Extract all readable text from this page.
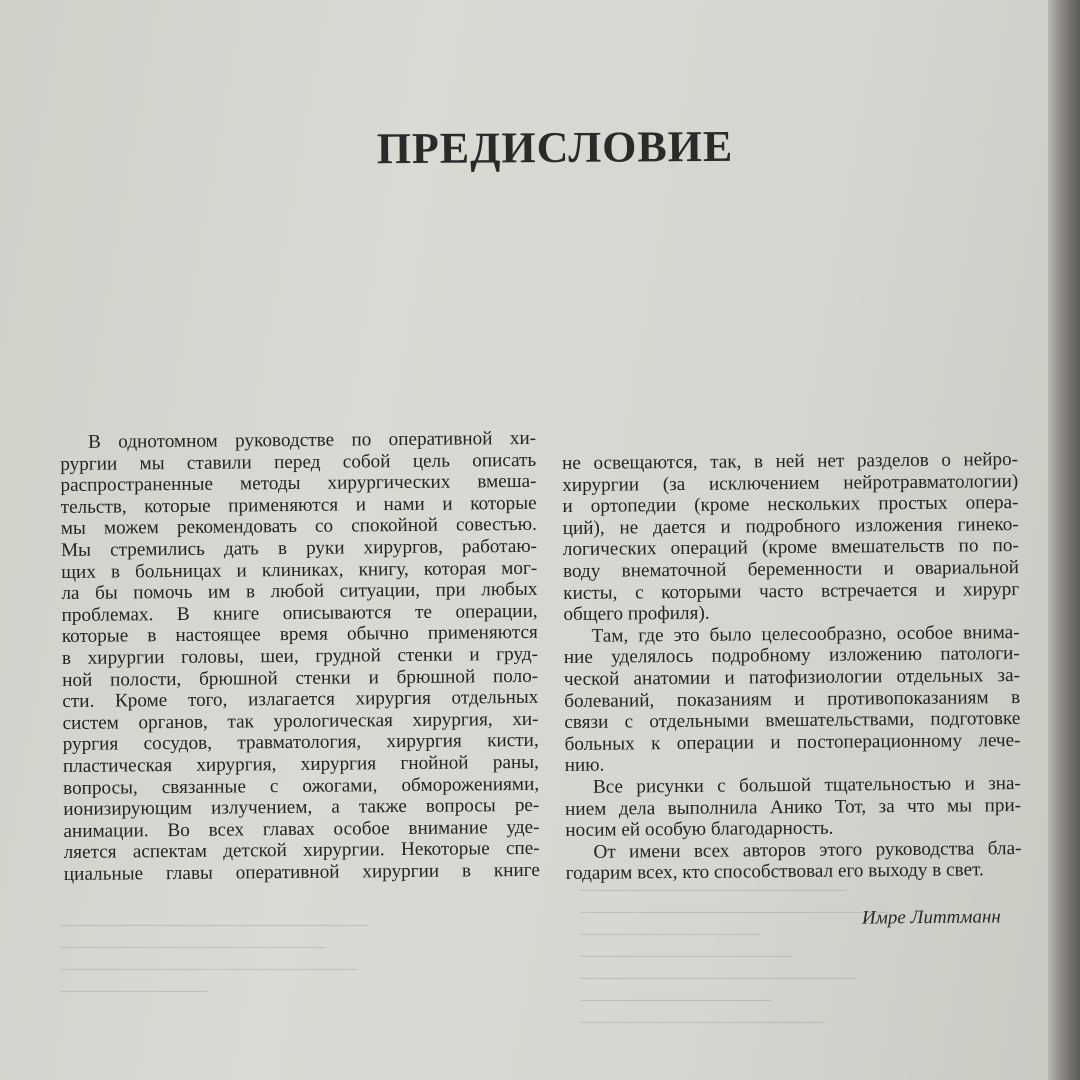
─────────────────────────────
─────────────────────────
────────────────────────────
──────────────
─────────────────────────
─────────────────────────────
─────────────────
────────────────────
──────────────────────────
──────────────────
───────────────────────
ПРЕДИСЛОВИЕ
В однотомном руководстве по оперативной хи-
рургии мы ставили перед собой цель описать
распространенные методы хирургических вмеша-
тельств, которые применяются и нами и которые
мы можем рекомендовать со спокойной совестью.
Мы стремились дать в руки хирургов, работаю-
щих в больницах и клиниках, книгу, которая мог-
ла бы помочь им в любой ситуации, при любых
проблемах. В книге описываются те операции,
которые в настоящее время обычно применяются
в хирургии головы, шеи, грудной стенки и груд-
ной полости, брюшной стенки и брюшной поло-
сти. Кроме того, излагается хирургия отдельных
систем органов, так урологическая хирургия, хи-
рургия сосудов, травматология, хирургия кисти,
пластическая хирургия, хирургия гнойной раны,
вопросы, связанные с ожогами, обморожениями,
ионизирующим излучением, а также вопросы ре-
анимации. Во всех главах особое внимание уде-
ляется аспектам детской хирургии. Некоторые спе-
циальные главы оперативной хирургии в книге
не освещаются, так, в ней нет разделов о нейро-
хирургии (за исключением нейротравматологии)
и ортопедии (кроме нескольких простых опера-
ций), не дается и подробного изложения гинеко-
логических операций (кроме вмешательств по по-
воду внематочной беременности и овариальной
кисты, с которыми часто встречается и хирург
общего профиля).
Там, где это было целесообразно, особое внима-
ние уделялось подробному изложению патологи-
ческой анатомии и патофизиологии отдельных за-
болеваний, показаниям и противопоказаниям в
связи с отдельными вмешательствами, подготовке
больных к операции и постоперационному лече-
нию.
Все рисунки с большой тщательностью и зна-
нием дела выполнила Анико Тот, за что мы при-
носим ей особую благодарность.
От имени всех авторов этого руководства бла-
годарим всех, кто способствовал его выходу в свет.
Имре Литтманн
